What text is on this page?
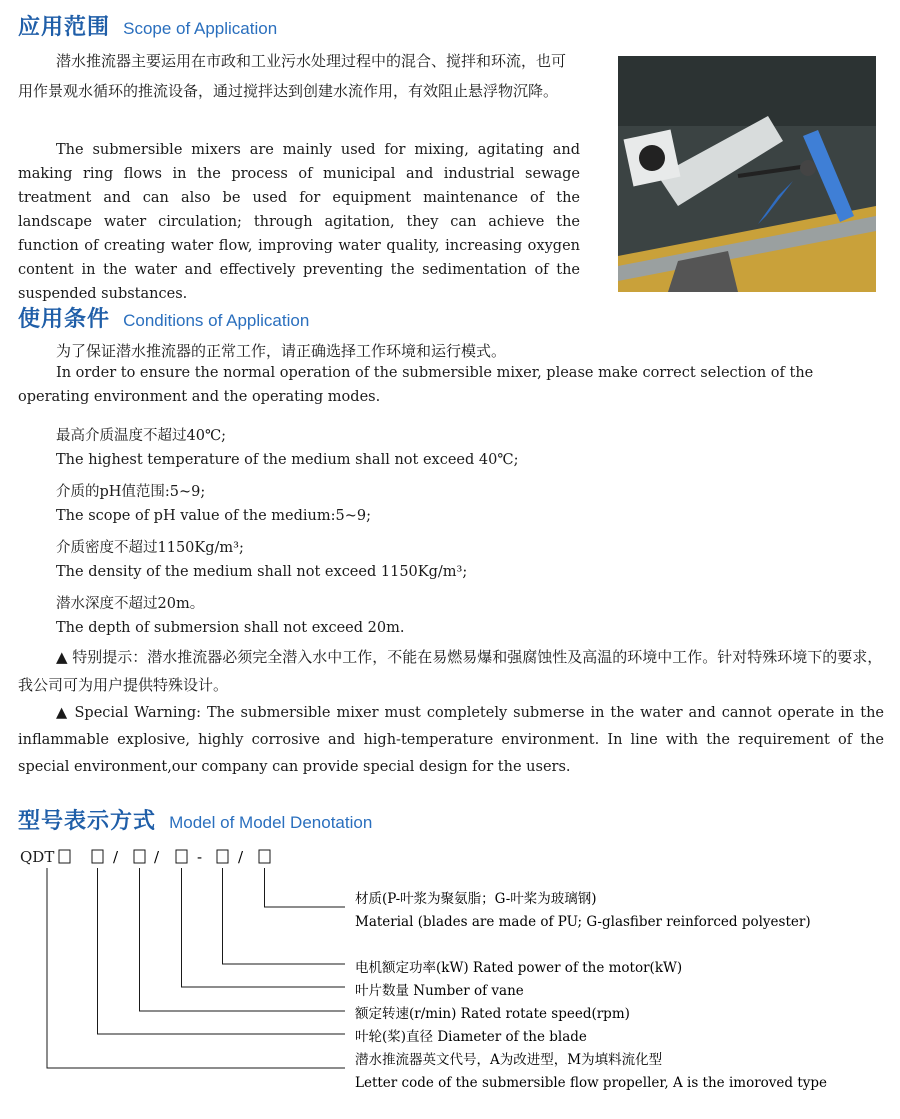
应用范围 Scope of Application
潜水推流器主要运用在市政和工业污水处理过程中的混合、搅拌和环流，也可用作景观水循环的推流设备，通过搅拌达到创建水流作用，有效阻止悬浮物沉降。
The submersible mixers are mainly used for mixing, agitating and making ring flows in the process of municipal and industrial sewage treatment and can also be used for equipment maintenance of the landscape water circulation; through agitation, they can achieve the function of creating water flow, improving water quality, increasing oxygen content in the water and effectively preventing the sedimentation of the suspended substances.
使用条件 Conditions of Application
为了保证潜水推流器的正常工作，请正确选择工作环境和运行模式。
In order to ensure the normal operation of the submersible mixer, please make correct selection of the operating environment and the operating modes.
最高介质温度不超过40℃;
The highest temperature of the medium shall not exceed 40℃;
介质的pH值范围:5~9;
The scope of pH value of the medium:5~9;
介质密度不超过1150Kg/m³;
The density of the medium shall not exceed 1150Kg/m³;
潜水深度不超过20m。
The depth of submersion shall not exceed 20m.
▲ 特别提示：潜水推流器必须完全潜入水中工作，不能在易燃易爆和强腐蚀性及高温的环境中工作。针对特殊环境下的要求，我公司可为用户提供特殊设计。
▲ Special Warning: The submersible mixer must completely submerse in the water and cannot operate in the inflammable explosive, highly corrosive and high-temperature environment. In line with the requirement of the special environment,our company can provide special design for the users.
型号表示方式 Model of Model Denotation
QDT	/ /	- /
材质(P-叶浆为聚氨脂；G-叶桨为玻璃钢)
Material (blades are made of PU; G-glasfiber reinforced polyester)
电机额定功率(kW) Rated power of the motor(kW)
叶片数量 Number of vane
额定转速(r/min) Rated rotate speed(rpm)
叶轮(桨)直径 Diameter of the blade
潜水推流器英文代号，A为改进型，M为填料流化型
Letter code of the submersible flow propeller, A is the imoroved type
